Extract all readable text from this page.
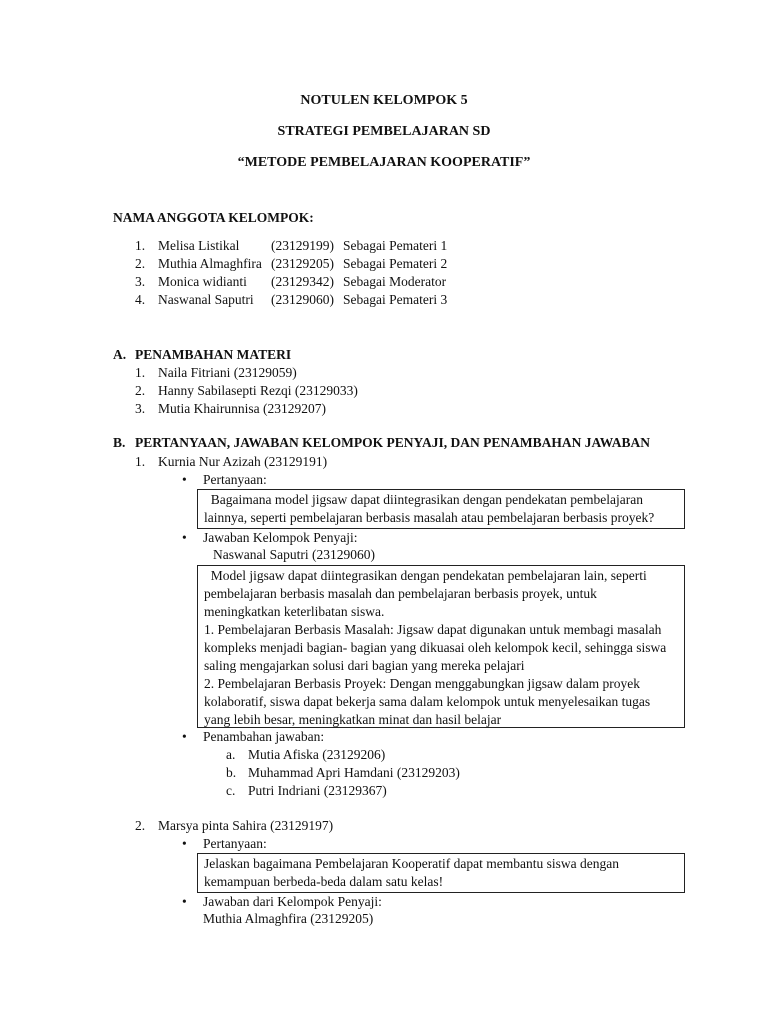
NOTULEN KELOMPOK 5
STRATEGI PEMBELAJARAN SD
“METODE PEMBELAJARAN KOOPERATIF”
NAMA ANGGOTA KELOMPOK:
1. Melisa Listikal (23129199) Sebagai Pemateri 1
2. Muthia Almaghfira (23129205) Sebagai Pemateri 2
3. Monica widianti (23129342) Sebagai Moderator
4. Naswanal Saputri (23129060) Sebagai Pemateri 3
A. PENAMBAHAN MATERI
1. Naila Fitriani (23129059)
2. Hanny Sabilasepti Rezqi (23129033)
3. Mutia Khairunnisa (23129207)
B. PERTANYAAN, JAWABAN KELOMPOK PENYAJI, DAN PENAMBAHAN JAWABAN
1. Kurnia Nur Azizah (23129191)
• Pertanyaan:
Bagaimana model jigsaw dapat diintegrasikan dengan pendekatan pembelajaran
lainnya, seperti pembelajaran berbasis masalah atau pembelajaran berbasis proyek?
• Jawaban Kelompok Penyaji:
Naswanal Saputri (23129060)
Model jigsaw dapat diintegrasikan dengan pendekatan pembelajaran lain, seperti
pembelajaran berbasis masalah dan pembelajaran berbasis proyek, untuk
meningkatkan keterlibatan siswa.
1. Pembelajaran Berbasis Masalah: Jigsaw dapat digunakan untuk membagi masalah
kompleks menjadi bagian- bagian yang dikuasai oleh kelompok kecil, sehingga siswa
saling mengajarkan solusi dari bagian yang mereka pelajari
2. Pembelajaran Berbasis Proyek: Dengan menggabungkan jigsaw dalam proyek
kolaboratif, siswa dapat bekerja sama dalam kelompok untuk menyelesaikan tugas
yang lebih besar, meningkatkan minat dan hasil belajar
• Penambahan jawaban:
a. Mutia Afiska (23129206)
b. Muhammad Apri Hamdani (23129203)
c. Putri Indriani (23129367)
2. Marsya pinta Sahira (23129197)
• Pertanyaan:
Jelaskan bagaimana Pembelajaran Kooperatif dapat membantu siswa dengan
kemampuan berbeda-beda dalam satu kelas!
• Jawaban dari Kelompok Penyaji:
Muthia Almaghfira (23129205)
